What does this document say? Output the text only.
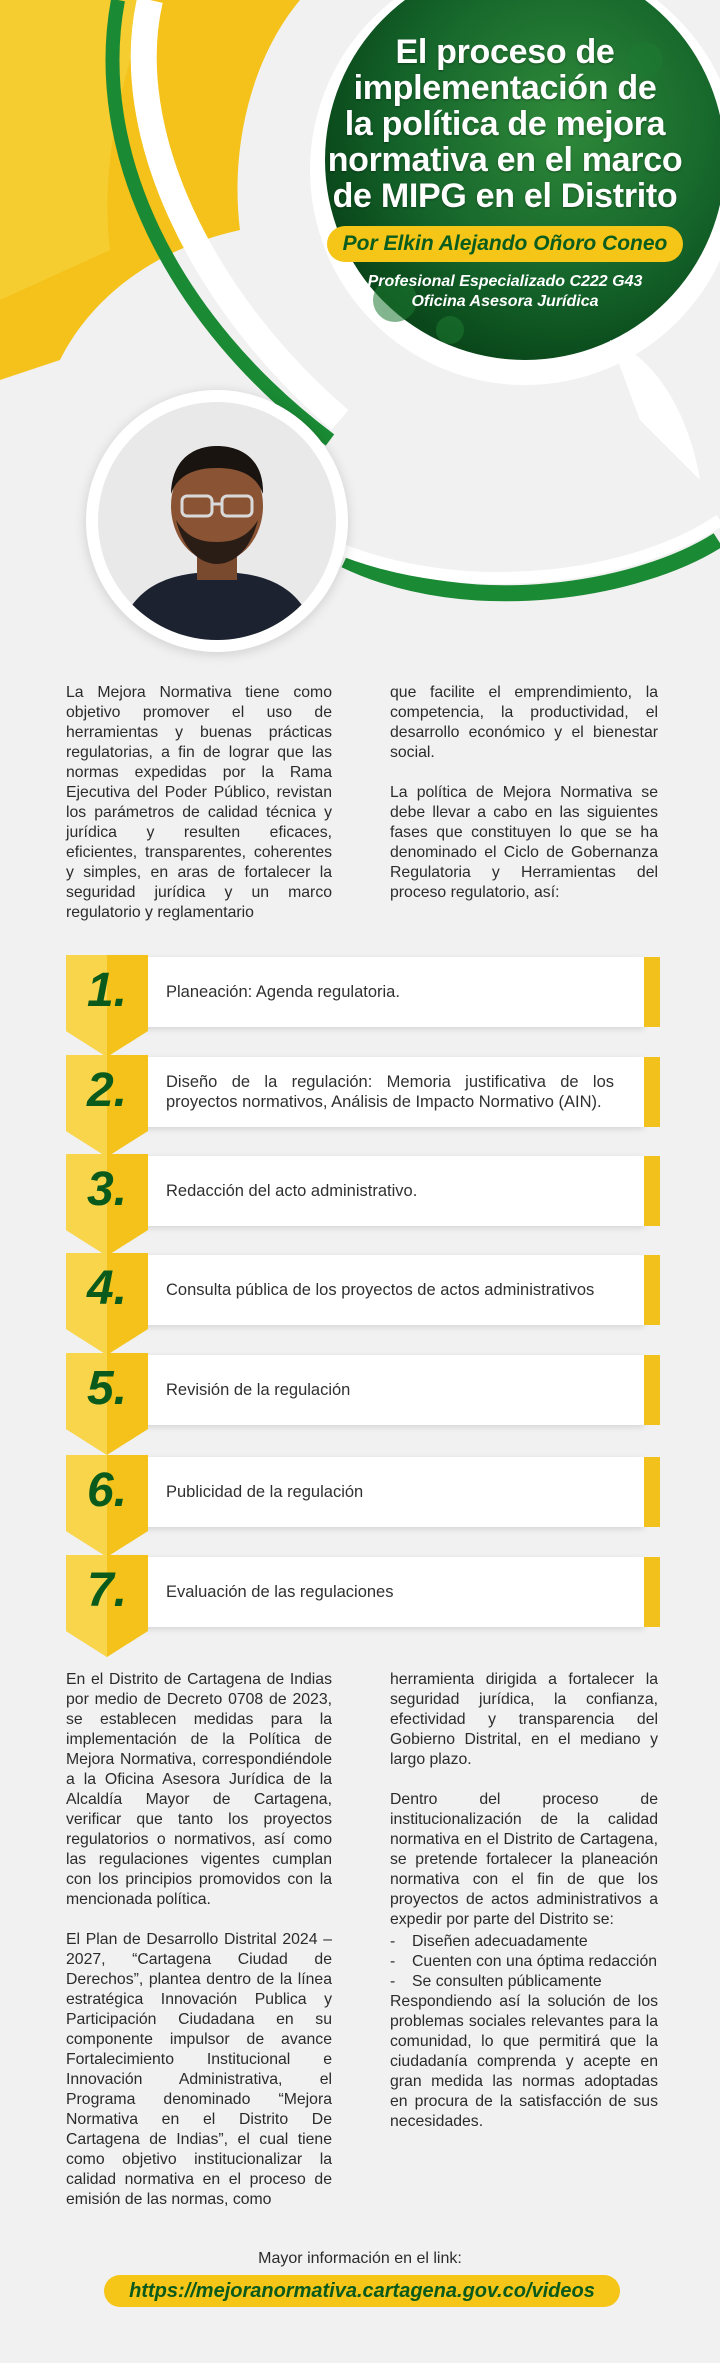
El proceso de
implementación de
la política de mejora
normativa en el marco
de MIPG en el Distrito
Por Elkin Alejando Oñoro Coneo
Profesional Especializado C222 G43
Oficina Asesora Jurídica

La Mejora Normativa tiene como objetivo promover el uso de herramientas y buenas prácticas regulatorias, a fin de lograr que las normas expedidas por la Rama Ejecutiva del Poder Público, revistan los parámetros de calidad técnica y jurídica y resulten eficaces, eficientes, transparentes, coherentes y simples, en aras de fortalecer la seguridad jurídica y un marco regulatorio y reglamentario

que facilite el emprendimiento, la competencia, la productividad, el desarrollo económico y el bienestar social.

La política de Mejora Normativa se debe llevar a cabo en las siguientes fases que constituyen lo que se ha denominado el Ciclo de Gobernanza Regulatoria y Herramientas del proceso regulatorio, así:

1.	Planeación: Agenda regulatoria.
2.	Diseño de la regulación: Memoria justificativa de los proyectos normativos, Análisis de Impacto Normativo (AIN).
3.	Redacción del acto administrativo.
4.	Consulta pública de los proyectos de actos administrativos
5.	Revisión de la regulación
6.	Publicidad de la regulación
7.	Evaluación de las regulaciones

En el Distrito de Cartagena de Indias por medio de Decreto 0708 de 2023, se establecen medidas para la implementación de la Política de Mejora Normativa, correspondiéndole a la Oficina Asesora Jurídica de la Alcaldía Mayor de Cartagena, verificar que tanto los proyectos regulatorios o normativos, así como las regulaciones vigentes cumplan con los principios promovidos con la mencionada política.

El Plan de Desarrollo Distrital 2024 –2027, “Cartagena Ciudad de Derechos”, plantea dentro de la línea estratégica Innovación Publica y Participación Ciudadana en su componente impulsor de avance Fortalecimiento Institucional e Innovación Administrativa, el Programa denominado “Mejora Normativa en el Distrito De Cartagena de Indias”, el cual tiene como objetivo institucionalizar la calidad normativa en el proceso de emisión de las normas, como

herramienta dirigida a fortalecer la seguridad jurídica, la confianza, efectividad y transparencia del Gobierno Distrital, en el mediano y largo plazo.

Dentro del proceso de institucionalización de la calidad normativa en el Distrito de Cartagena, se pretende fortalecer la planeación normativa con el fin de que los proyectos de actos administrativos a expedir por parte del Distrito se:

- Diseñen adecuadamente
- Cuenten con una óptima redacción
- Se consulten públicamente

Respondiendo así la solución de los problemas sociales relevantes para la comunidad, lo que permitirá que la ciudadanía comprenda y acepte en gran medida las normas adoptadas en procura de la satisfacción de sus necesidades.

Mayor información en el link:
https://mejoranormativa.cartagena.gov.co/videos
